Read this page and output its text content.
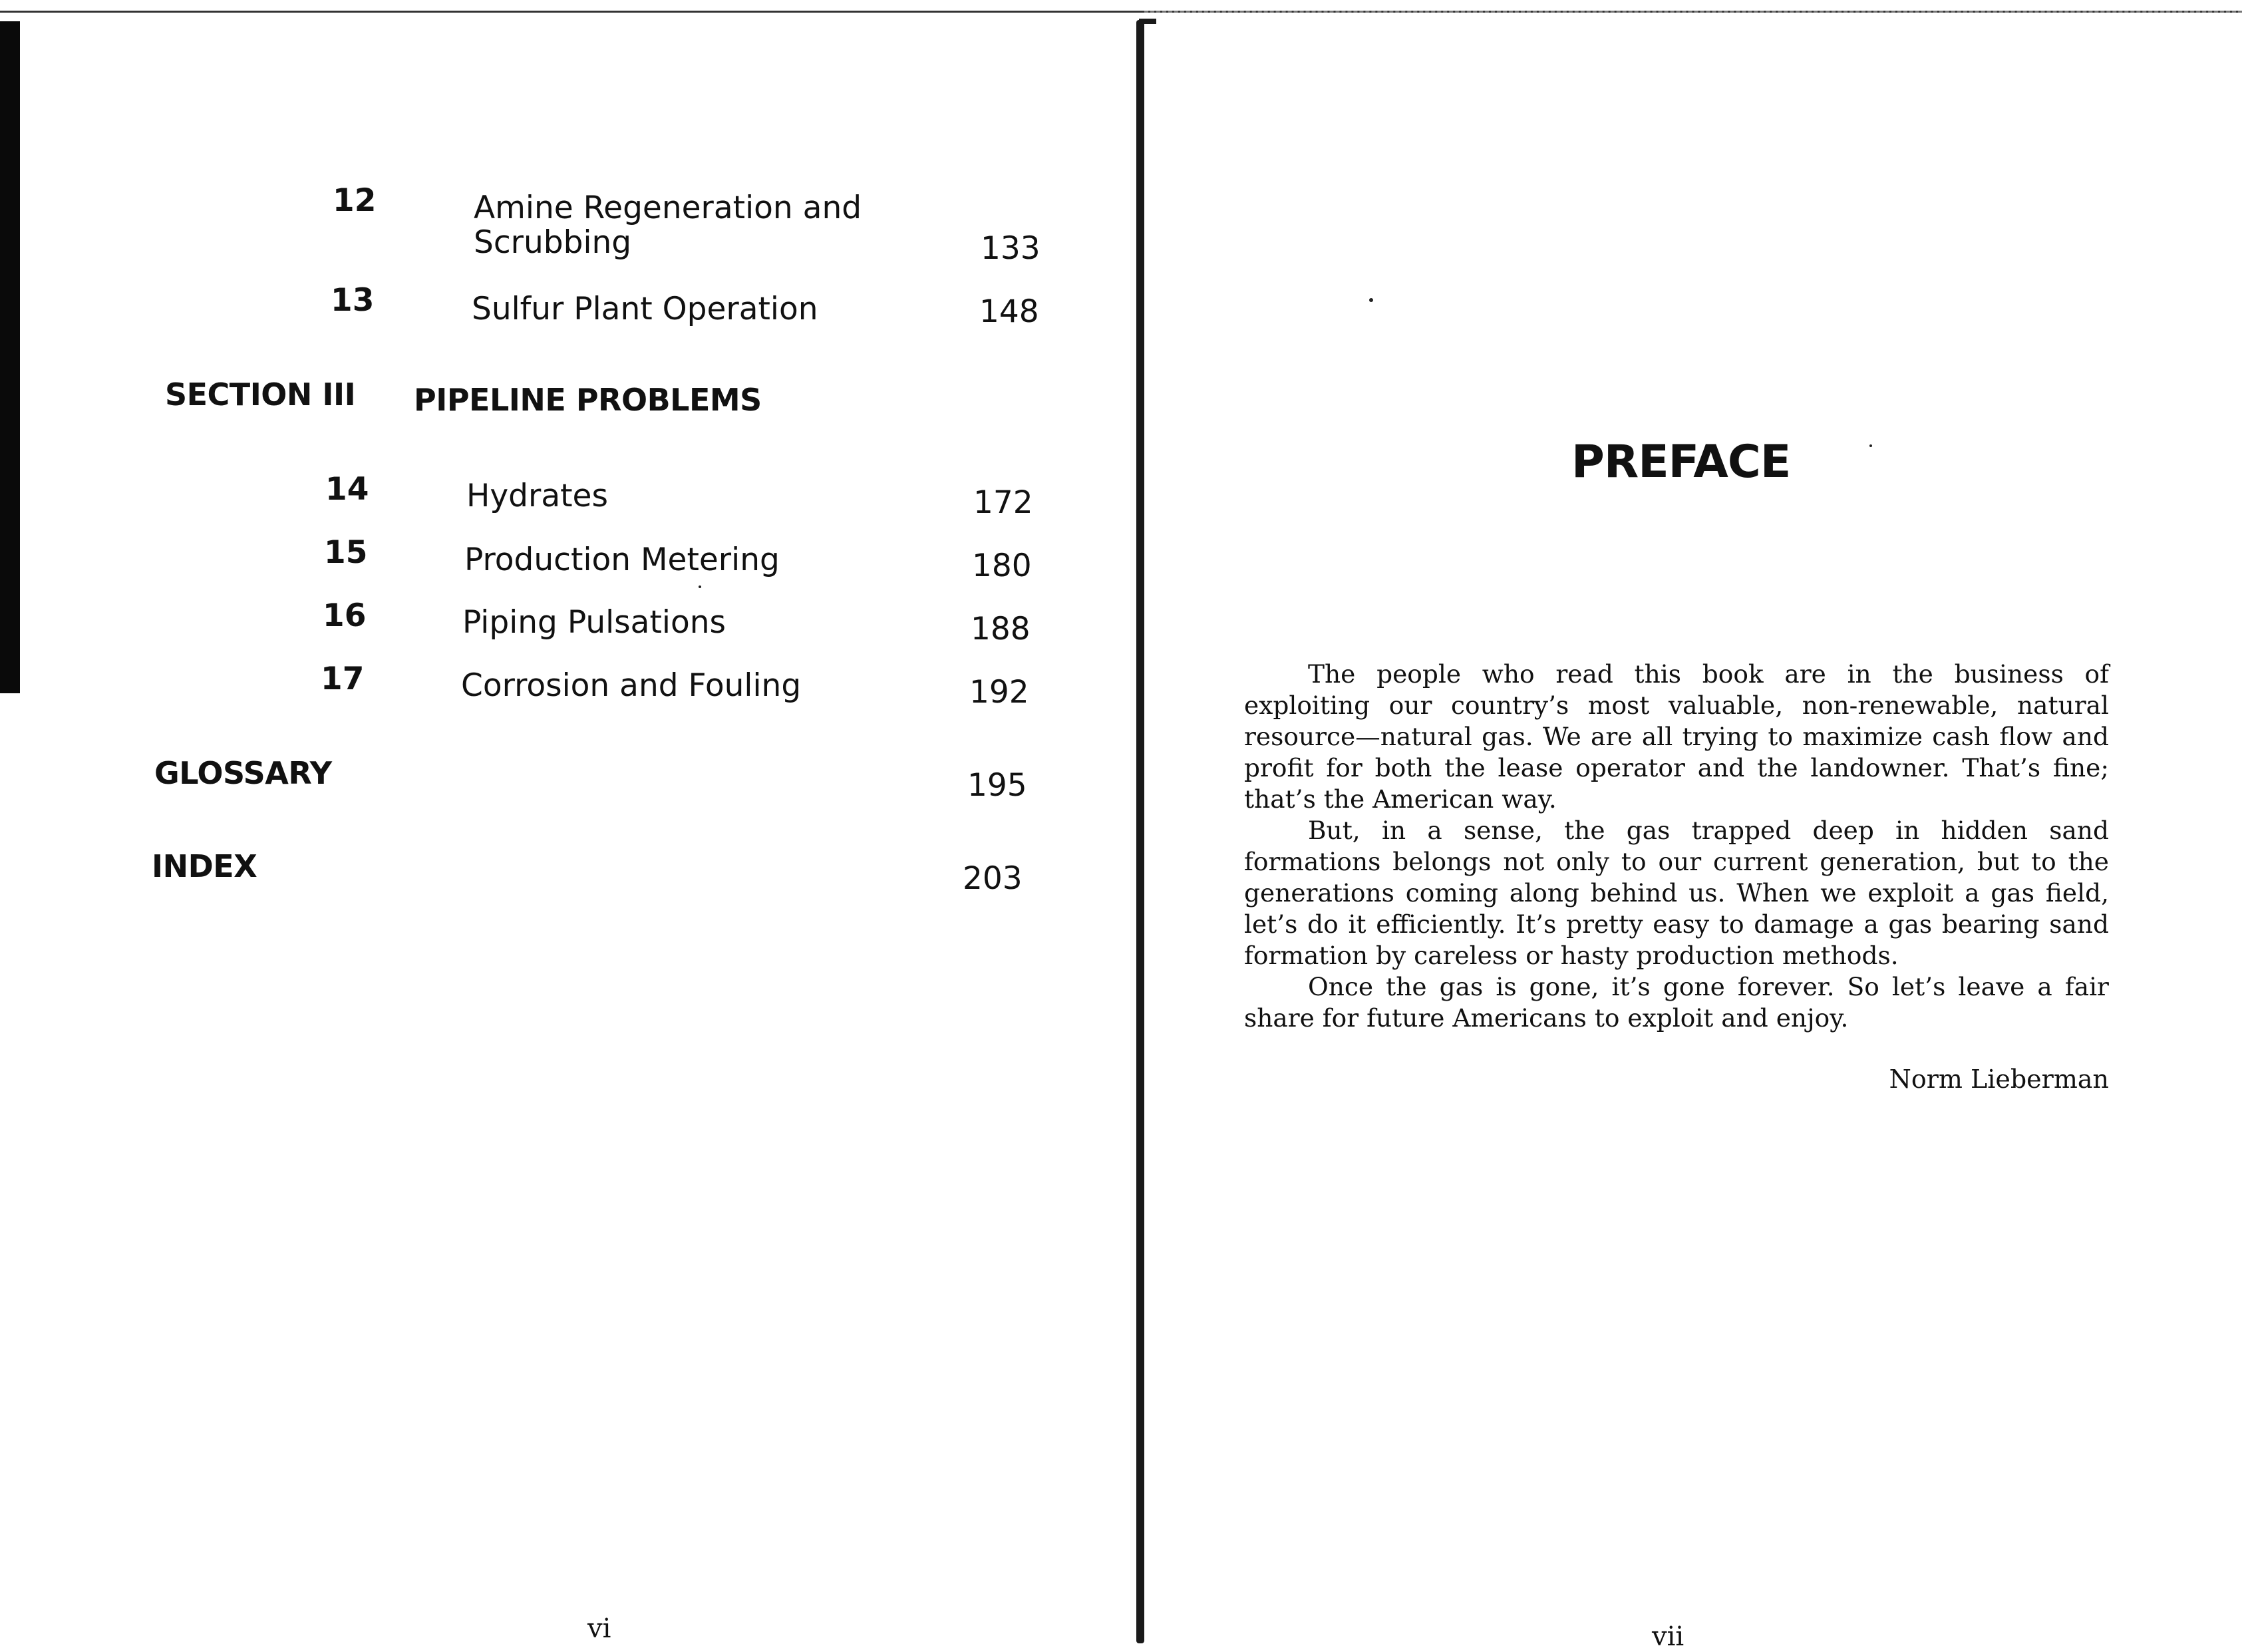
12	Amine Regeneration and
Scrubbing	133
13	Sulfur Plant Operation	148
SECTION III PIPELINE PROBLEMS
14	Hydrates	172
15	Production Metering	180
16	Piping Pulsations	188
17	Corrosion and Fouling	192
GLOSSARY	195
INDEX	203
vi
PREFACE

The people who read this book are in the business of exploiting our country’s most valuable, non-renewable, natural resource—natural gas. We are all trying to maximize cash flow and profit for both the lease operator and the landowner. That’s fine; that’s the American way.

But, in a sense, the gas trapped deep in hidden sand formations belongs not only to our current generation, but to the generations coming along behind us. When we exploit a gas field, let’s do it efficiently. It’s pretty easy to damage a gas bearing sand formation by careless or hasty production methods.

Once the gas is gone, it’s gone forever. So let’s leave a fair share for future Americans to exploit and enjoy.

Norm Lieberman
vii
